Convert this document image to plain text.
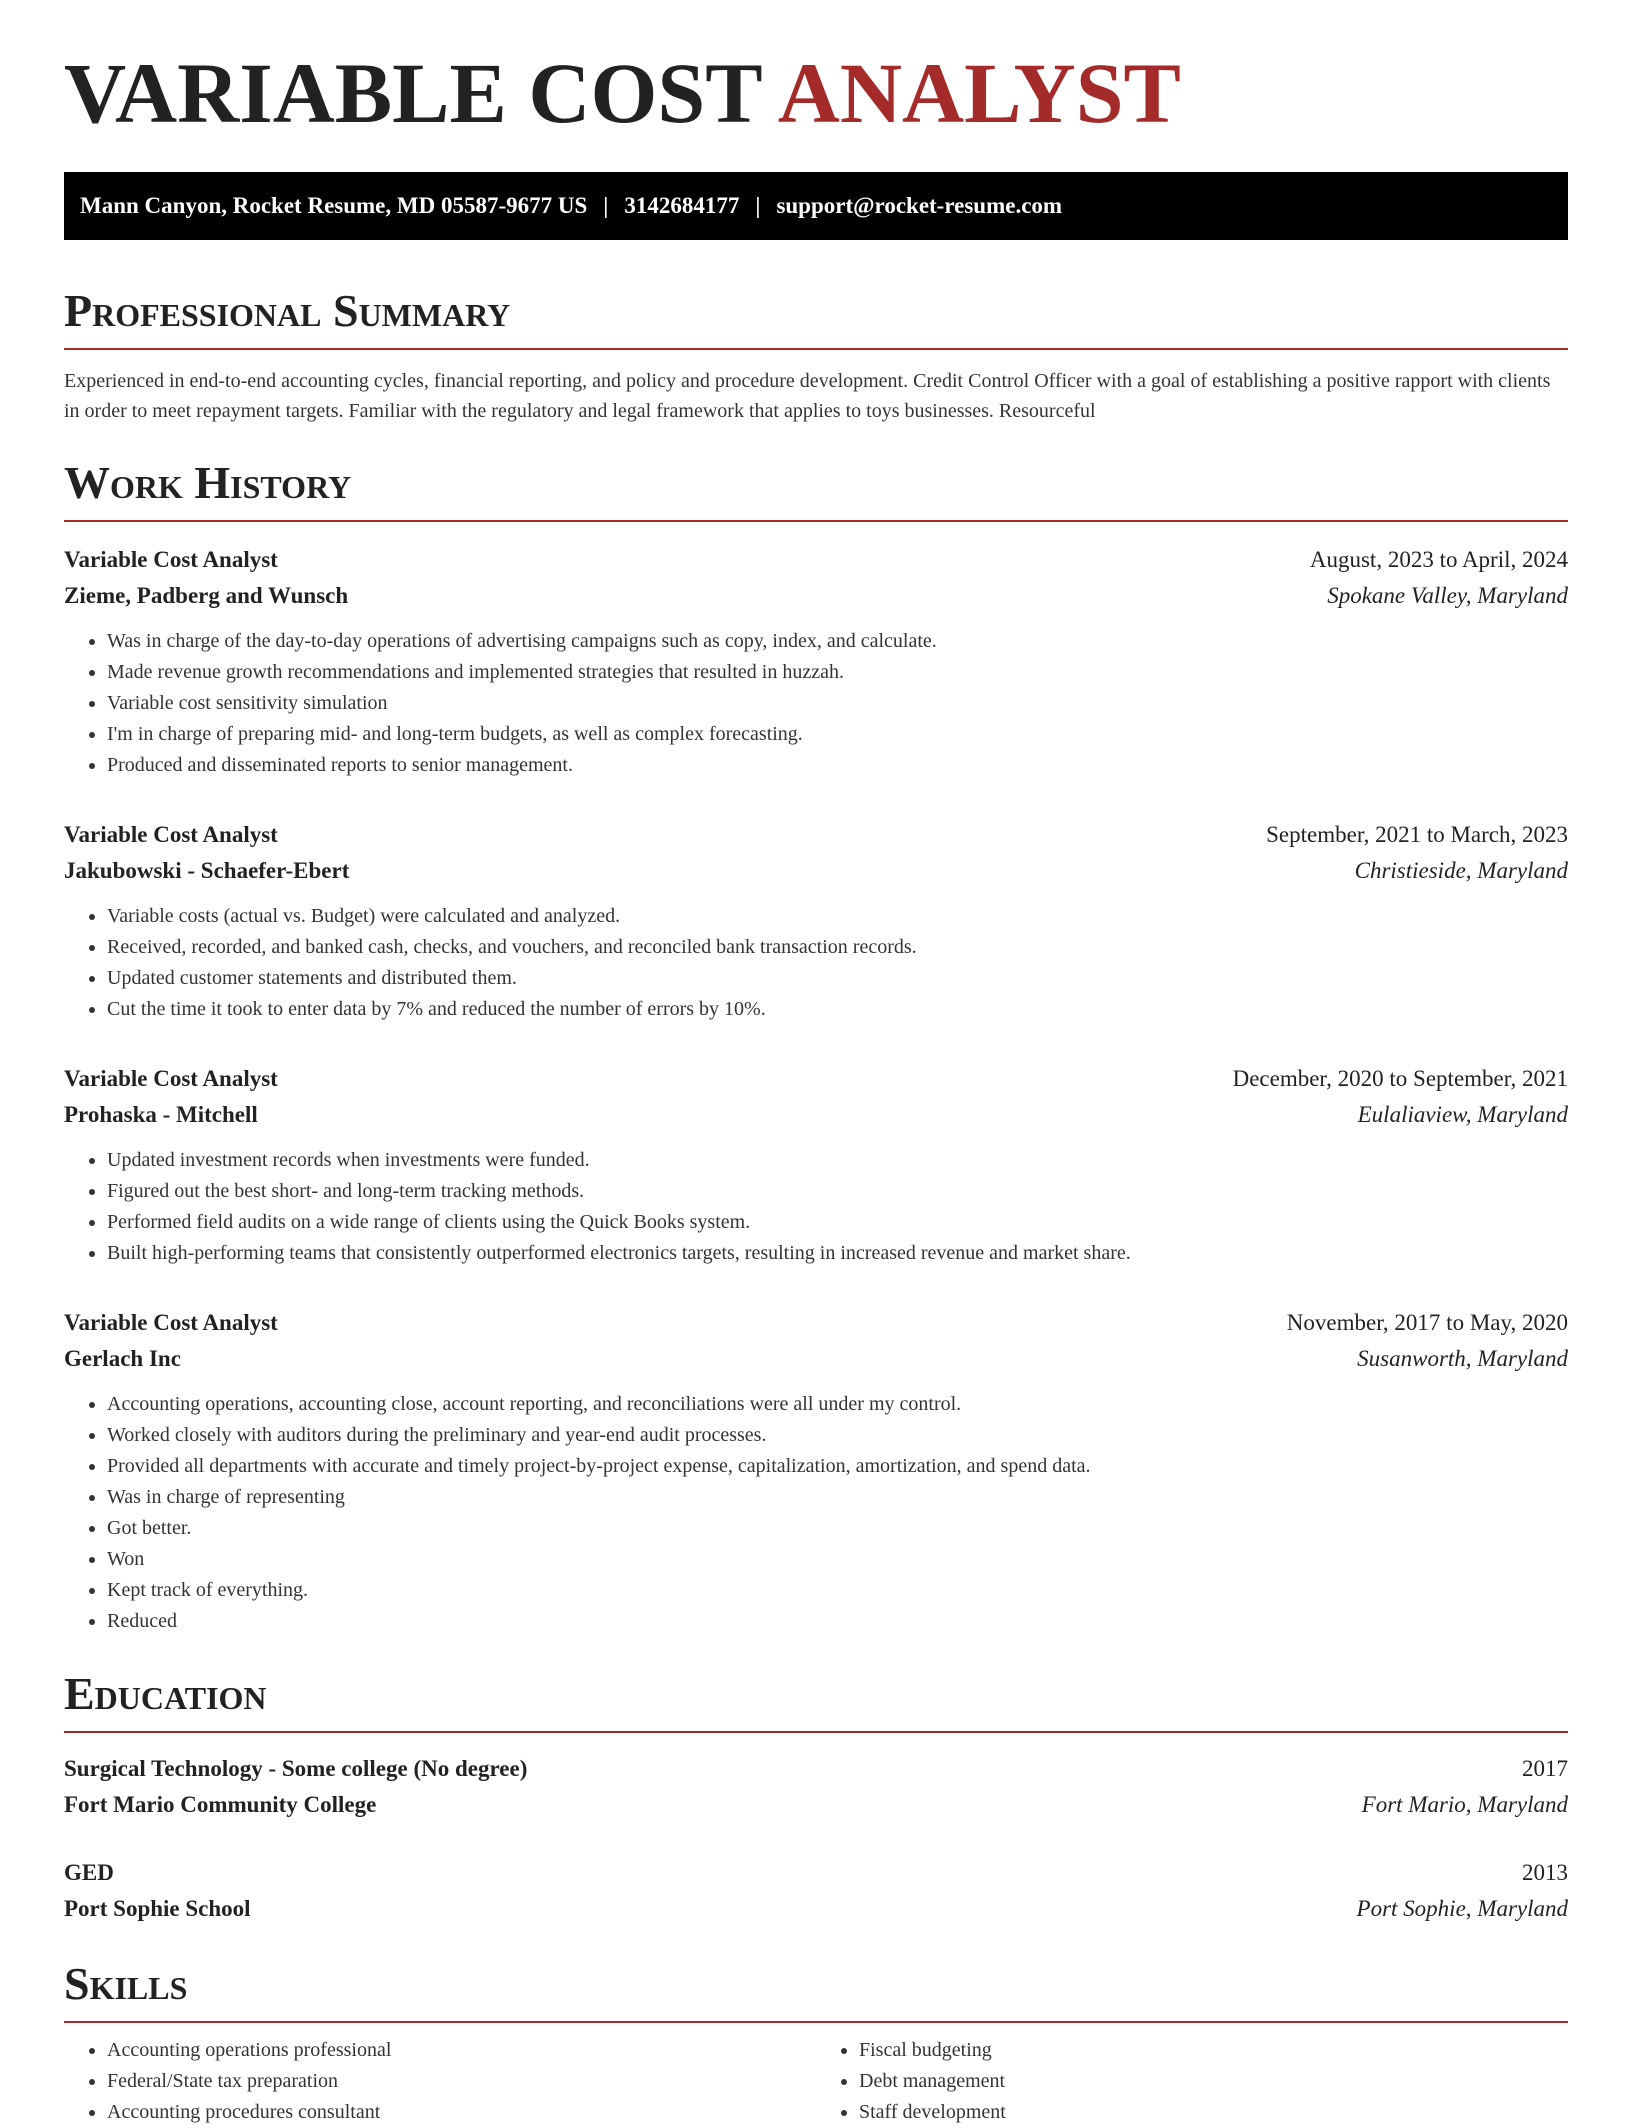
VARIABLE COST ANALYST
Mann Canyon, Rocket Resume, MD 05587-9677 US | 3142684177 | support@rocket-resume.com
Professional Summary

Experienced in end-to-end accounting cycles, financial reporting, and policy and procedure development. Credit Control Officer with a goal of establishing a positive rapport with clients in order to meet repayment targets. Familiar with the regulatory and legal framework that applies to toys businesses. Resourceful

Work History
Variable Cost Analyst	August, 2023 to April, 2024
Zieme, Padberg and Wunsch	Spokane Valley, Maryland
• Was in charge of the day-to-day operations of advertising campaigns such as copy, index, and calculate.
• Made revenue growth recommendations and implemented strategies that resulted in huzzah.
• Variable cost sensitivity simulation
• I'm in charge of preparing mid- and long-term budgets, as well as complex forecasting.
• Produced and disseminated reports to senior management.
Variable Cost Analyst	September, 2021 to March, 2023
Jakubowski - Schaefer-Ebert	Christieside, Maryland
• Variable costs (actual vs. Budget) were calculated and analyzed.
• Received, recorded, and banked cash, checks, and vouchers, and reconciled bank transaction records.
• Updated customer statements and distributed them.
• Cut the time it took to enter data by 7% and reduced the number of errors by 10%.
Variable Cost Analyst	December, 2020 to September, 2021
Prohaska - Mitchell	Eulaliaview, Maryland
• Updated investment records when investments were funded.
• Figured out the best short- and long-term tracking methods.
• Performed field audits on a wide range of clients using the Quick Books system.
• Built high-performing teams that consistently outperformed electronics targets, resulting in increased revenue and market share.
Variable Cost Analyst	November, 2017 to May, 2020
Gerlach Inc	Susanworth, Maryland
• Accounting operations, accounting close, account reporting, and reconciliations were all under my control.
• Worked closely with auditors during the preliminary and year-end audit processes.
• Provided all departments with accurate and timely project-by-project expense, capitalization, amortization, and spend data.
• Was in charge of representing
• Got better.
• Won
• Kept track of everything.
• Reduced
Education
Surgical Technology - Some college (No degree)	2017
Fort Mario Community College	Fort Mario, Maryland
GED	2013
Port Sophie School	Port Sophie, Maryland
Skills
• Accounting operations professional
• Federal/State tax preparation
• Accounting procedures consultant
• Fiscal budgeting
• Debt management
• Staff development
